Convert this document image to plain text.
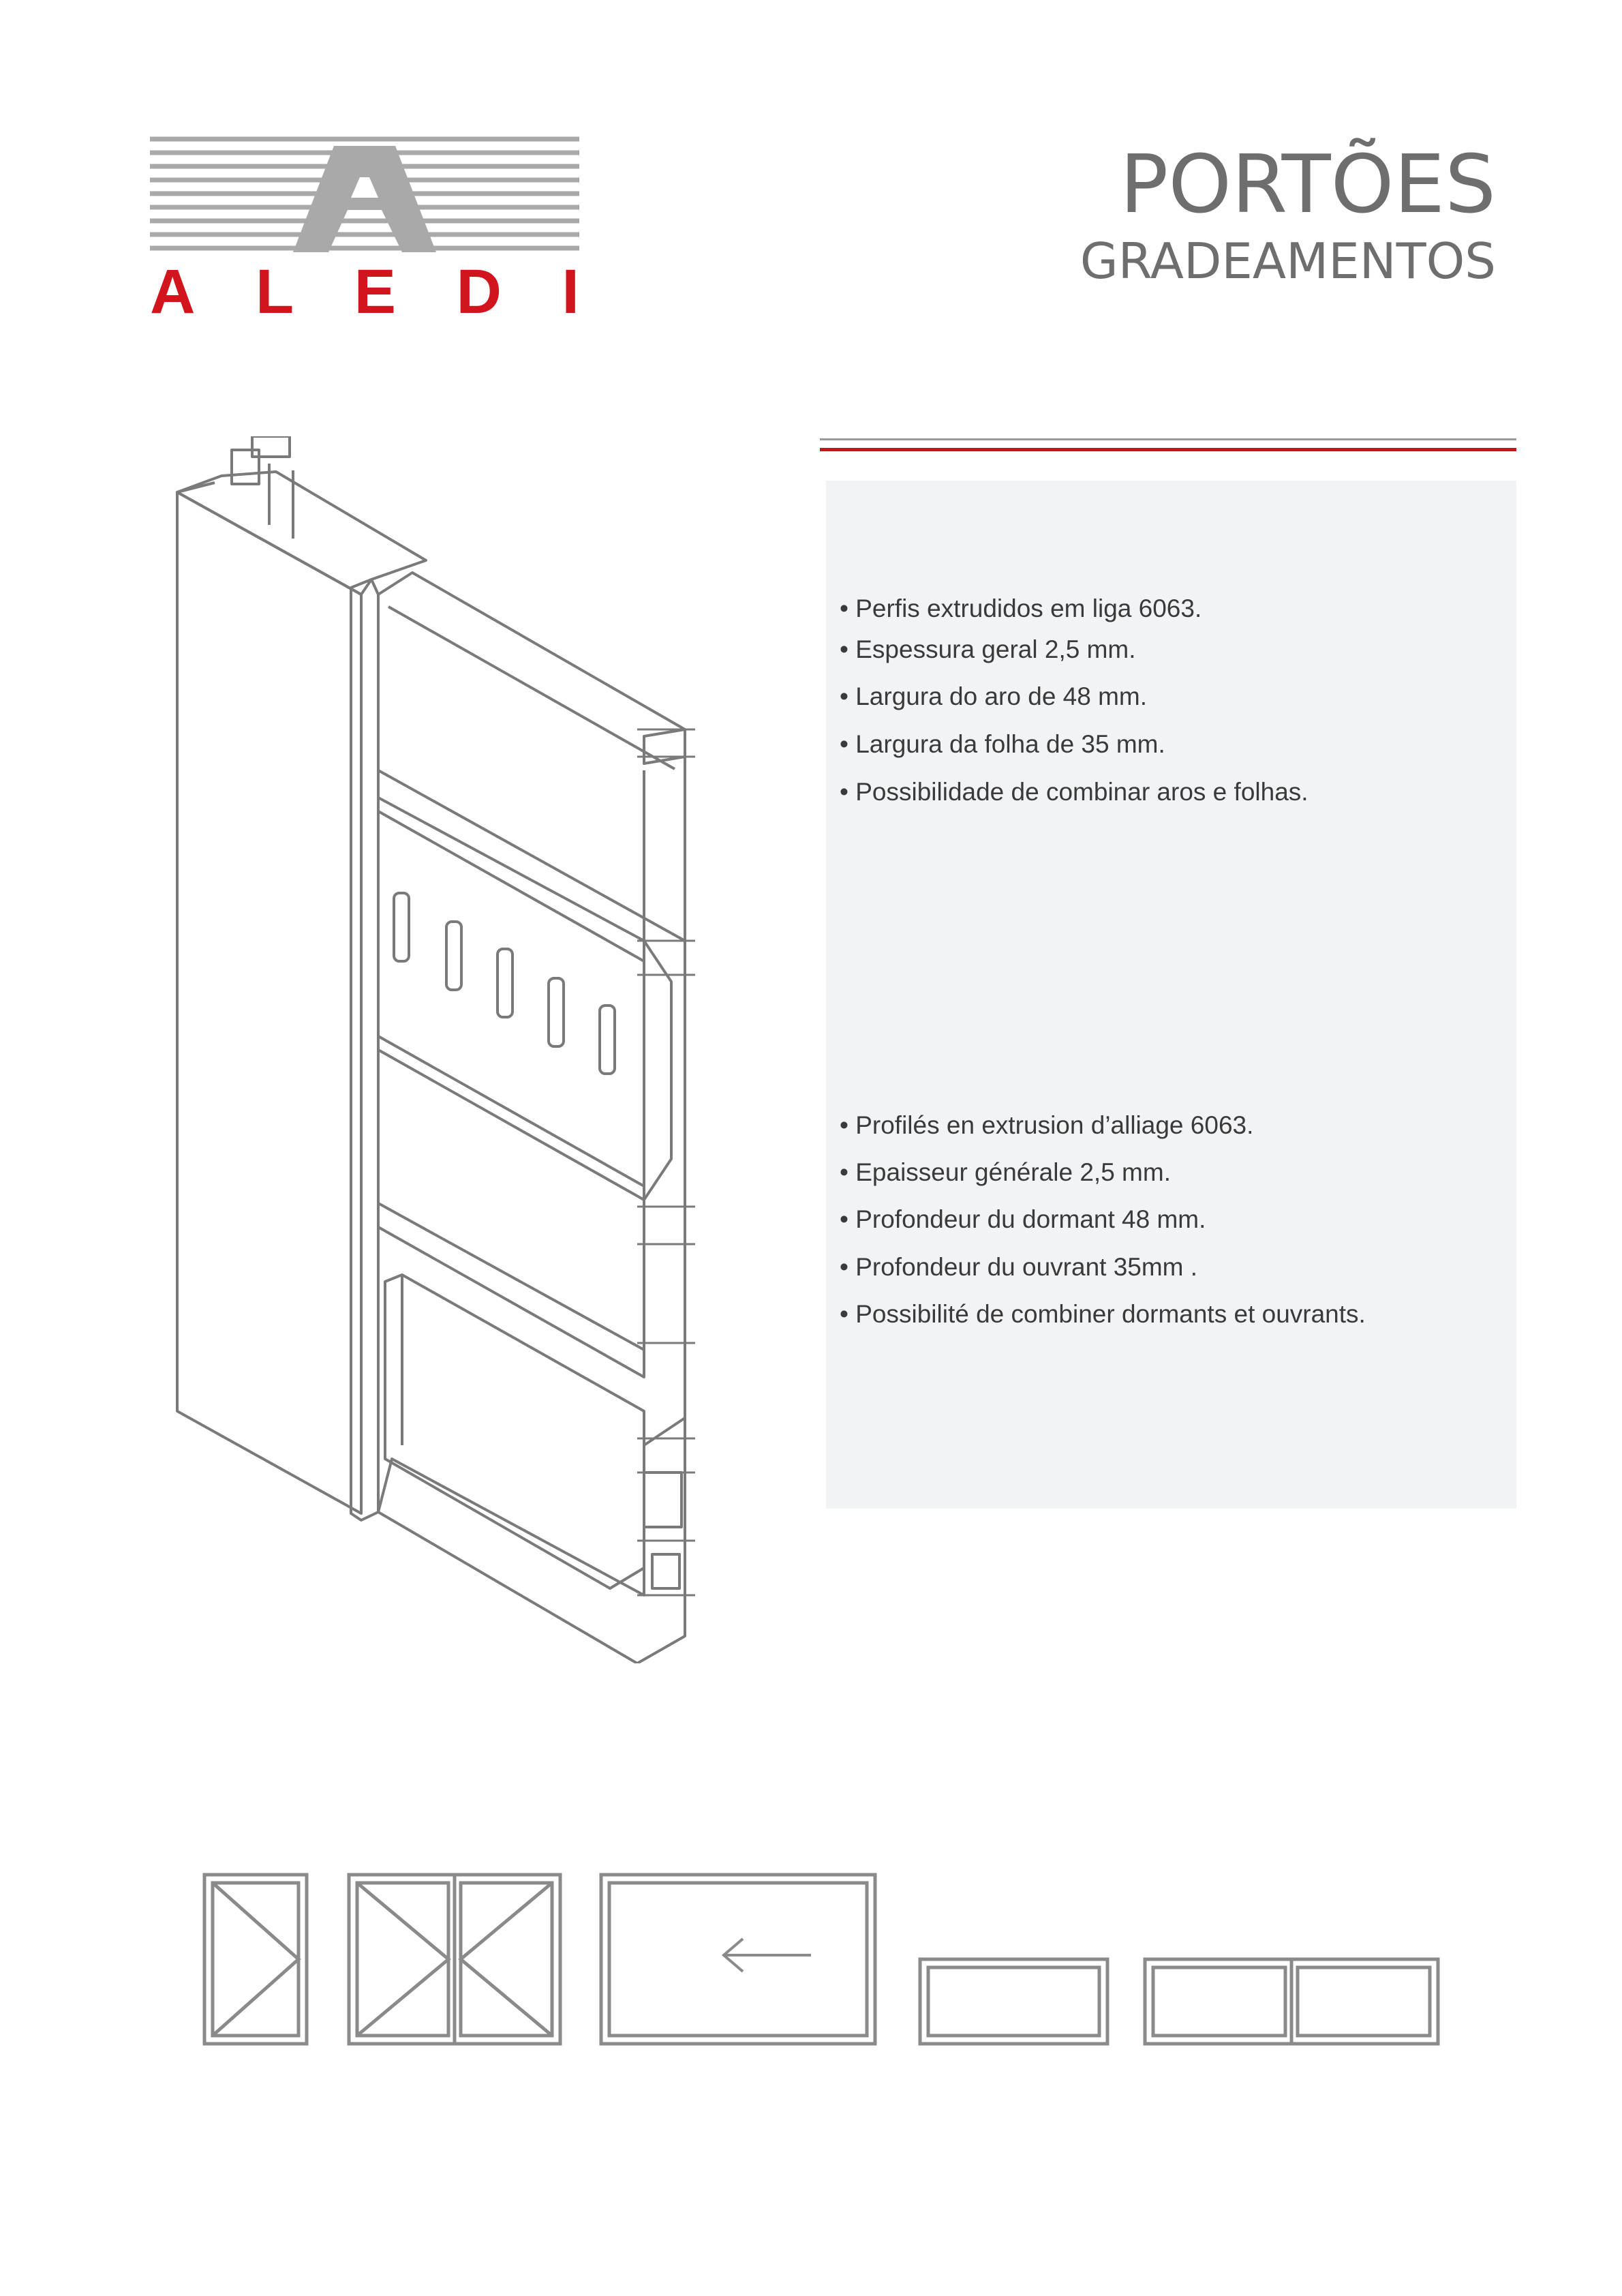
A L E D I
PORTÕES
GRADEAMENTOS
• Perfis extrudidos em liga 6063.
• Espessura geral 2,5 mm.
• Largura do aro de 48 mm.
• Largura da folha de 35 mm.
• Possibilidade de combinar aros e folhas.
• Profilés en extrusion d’alliage 6063.
• Epaisseur générale 2,5 mm.
• Profondeur du dormant 48 mm.
• Profondeur du ouvrant 35mm .
• Possibilité de combiner dormants et ouvrants.
